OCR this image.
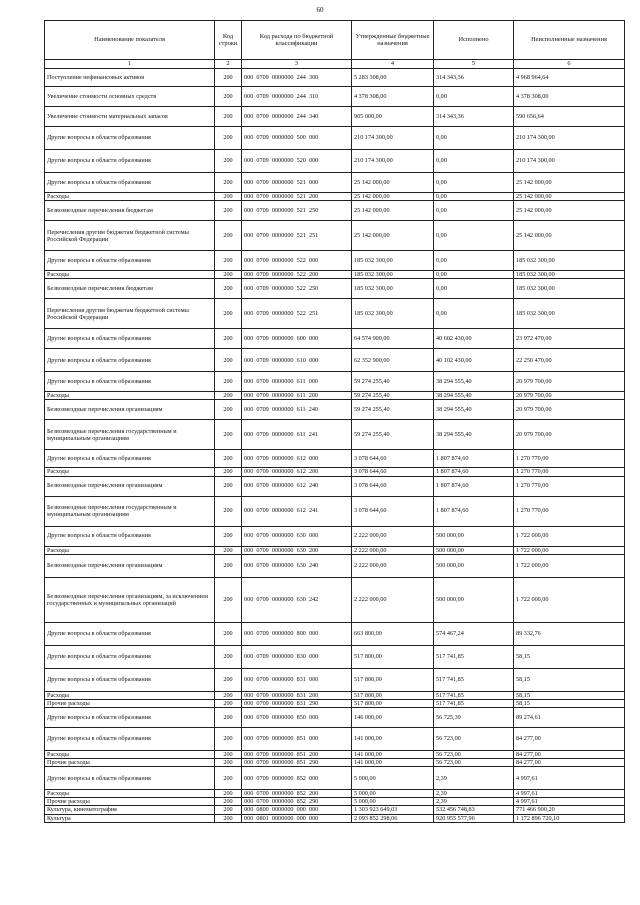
60
Наименование показателя	Код строки	Код расхода по бюджетной классификации	Утвержденные бюджетные назначения	Исполнено	Неисполненные назначения
1	2	3	4	5	6
Поступление нефинансовых активов	200	000  0709  0000000  244  300	5 283 308,00	314 343,36	4 968 964,64
Увеличение стоимости основных средств	200	000  0709  0000000  244  310	4 378 308,00	0,00	4 378 308,00
Увеличение стоимости материальных запасов	200	000  0709  0000000  244  340	905 000,00	314 343,36	590 656,64
Другие вопросы в области образования	200	000  0709  0000000  500  000	210 174 300,00	0,00	210 174 300,00
Другие вопросы в области образования	200	000  0709  0000000  520  000	210 174 300,00	0,00	210 174 300,00
Другие вопросы в области образования	200	000  0709  0000000  521  000	25 142 000,00	0,00	25 142 000,00
Расходы	200	000  0709  0000000  521  200	25 142 000,00	0,00	25 142 000,00
Безвозмездные перечисления бюджетам	200	000  0709  0000000  521  250	25 142 000,00	0,00	25 142 000,00
Перечисления другим бюджетам бюджетной системы Российской Федерации	200	000  0709  0000000  521  251	25 142 000,00	0,00	25 142 000,00
Другие вопросы в области образования	200	000  0709  0000000  522  000	185 032 300,00	0,00	185 032 300,00
Расходы	200	000  0709  0000000  522  200	185 032 300,00	0,00	185 032 300,00
Безвозмездные перечисления бюджетам	200	000  0709  0000000  522  250	185 032 300,00	0,00	185 032 300,00
Перечисления другим бюджетам бюджетной системы Российской Федерации	200	000  0709  0000000  522  251	185 032 300,00	0,00	185 032 300,00
Другие вопросы в области образования	200	000  0709  0000000  600  000	64 574 900,00	40 602 430,00	23 972 470,00
Другие вопросы в области образования	200	000  0709  0000000  610  000	62 352 900,00	40 102 430,00	22 250 470,00
Другие вопросы в области образования	200	000  0709  0000000  611  000	59 274 255,40	38 294 555,40	20 979 700,00
Расходы	200	000  0709  0000000  611  200	59 274 255,40	38 294 555,40	20 979 700,00
Безвозмездные перечисления организациям	200	000  0709  0000000  611  240	59 274 255,40	38 294 555,40	20 979 700,00
Безвозмездные перечисления государственным и муниципальным организациям	200	000  0709  0000000  611  241	59 274 255,40	38 294 555,40	20 979 700,00
Другие вопросы в области образования	200	000  0709  0000000  612  000	3 078 644,60	1 807 874,60	1 270 770,00
Расходы	200	000  0709  0000000  612  200	3 078 644,60	1 807 874,60	1 270 770,00
Безвозмездные перечисления организациям	200	000  0709  0000000  612  240	3 078 644,60	1 807 874,60	1 270 770,00
Безвозмездные перечисления государственным и муниципальным организациям	200	000  0709  0000000  612  241	3 078 644,60	1 807 874,60	1 270 770,00
Другие вопросы в области образования	200	000  0709  0000000  630  000	2 222 000,00	500 000,00	1 722 000,00
Расходы	200	000  0709  0000000  630  200	2 222 000,00	500 000,00	1 722 000,00
Безвозмездные перечисления организациям	200	000  0709  0000000  630  240	2 222 000,00	500 000,00	1 722 000,00
Безвозмездные перечисления организациям, за исключением государственных и муниципальных организаций	200	000  0709  0000000  630  242	2 222 000,00	500 000,00	1 722 000,00
Другие вопросы в области образования	200	000  0709  0000000  800  000	663 800,00	574 467,24	89 332,76
Другие вопросы в области образования	200	000  0709  0000000  830  000	517 800,00	517 741,85	58,15
Другие вопросы в области образования	200	000  0709  0000000  831  000	517 800,00	517 741,85	58,15
Расходы	200	000  0709  0000000  831  200	517 800,00	517 741,85	58,15
Прочие расходы	200	000  0709  0000000  831  290	517 800,00	517 741,85	58,15
Другие вопросы в области образования	200	000  0709  0000000  850  000	146 000,00	56 725,39	89 274,61
Другие вопросы в области образования	200	000  0709  0000000  851  000	141 000,00	56 723,00	84 277,00
Расходы	200	000  0709  0000000  851  200	141 000,00	56 723,00	84 277,00
Прочие расходы	200	000  0709  0000000  851  290	141 000,00	56 723,00	84 277,00
Другие вопросы в области образования	200	000  0709  0000000  852  000	5 000,00	2,39	4 997,61
Расходы	200	000  0709  0000000  852  200	5 000,00	2,39	4 997,61
Прочие расходы	200	000  0709  0000000  852  290	5 000,00	2,39	4 997,61
Культура, кинематография	200	000  0800  0000000  000  000	1 303 923 649,03	532 456 748,83	771 466 900,20
Культура	200	000  0801  0000000  000  000	2 093 852 298,06	920 955 577,96	1 172 896 720,10
